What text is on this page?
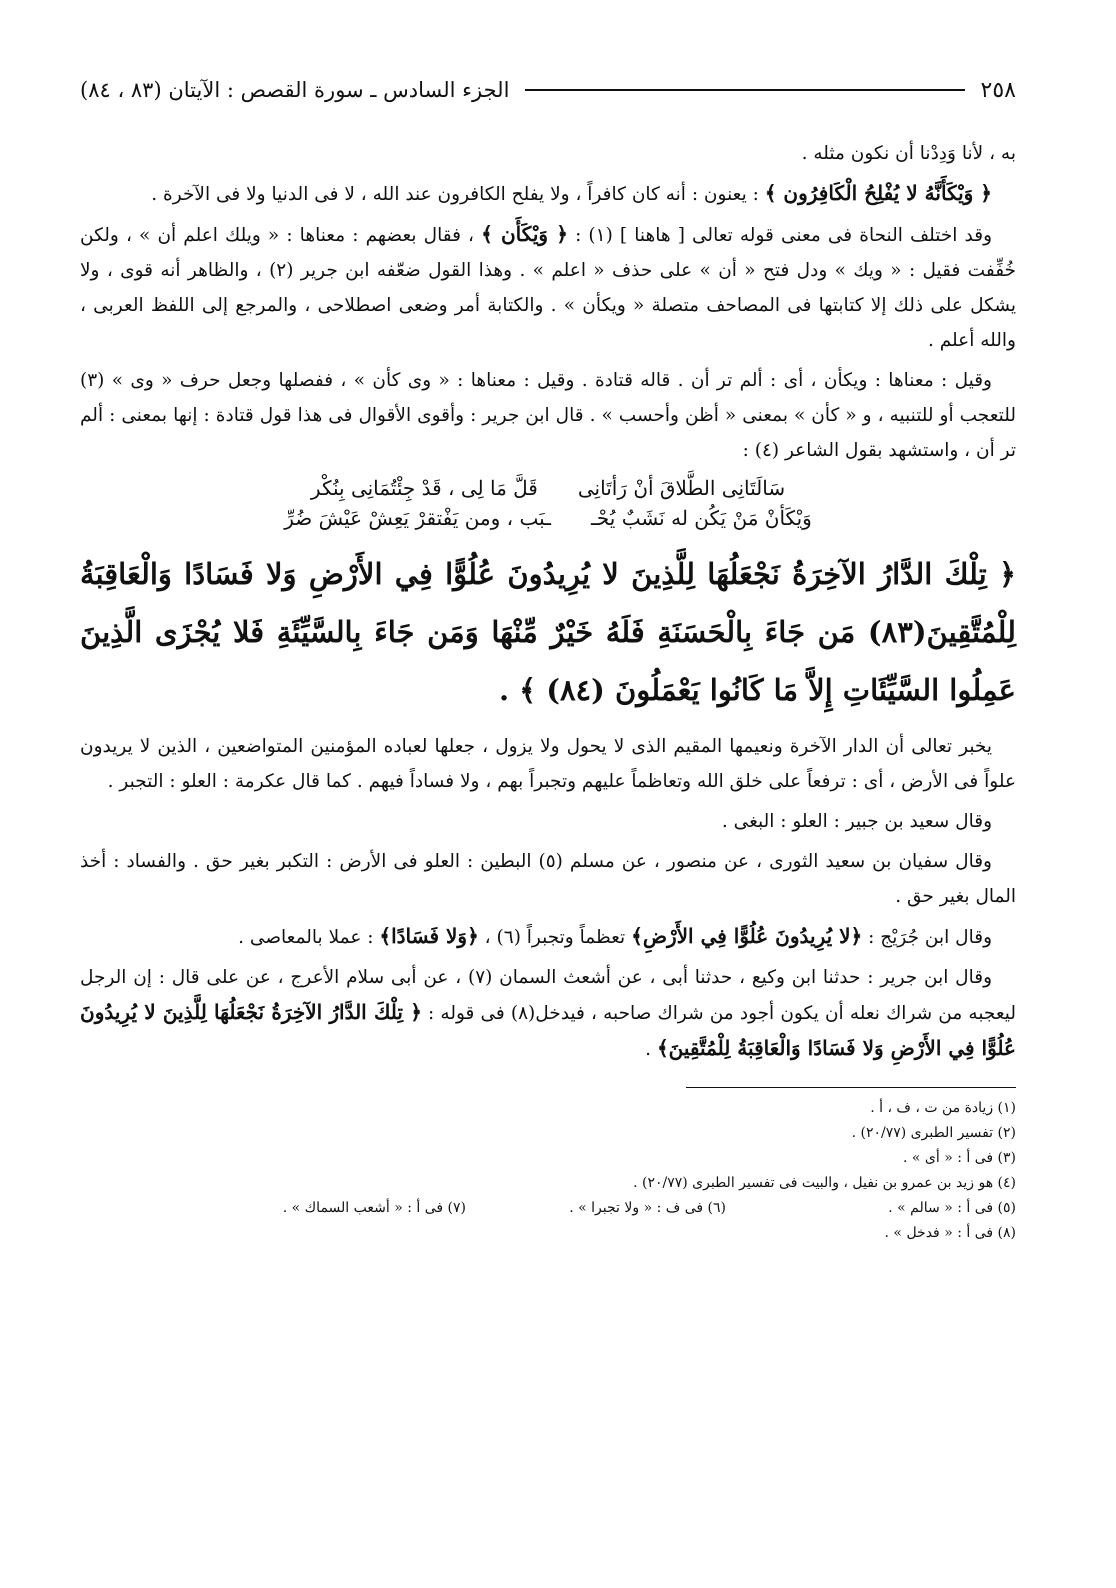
٢٥٨
الجزء السادس ـ سورة القصص : الآيتان (٨٣ ، ٨٤)

به ، لأنا وَدِدْنا أن نكون مثله .

﴿ وَيْكَأَنَّهُ لا يُفْلِحُ الْكَافِرُون ﴾ : يعنون : أنه كان كافراً ، ولا يفلح الكافرون عند الله ، لا فى الدنيا ولا فى الآخرة .

وقد اختلف النحاة فى معنى قوله تعالى [ هاهنا ] (١) : ﴿ وَيْكَأَن ﴾ ، فقال بعضهم : معناها : « ويلك اعلم أن » ، ولكن خُفِّفت فقيل : « ويك » ودل فتح « أن » على حذف « اعلم » . وهذا القول ضعّفه ابن جرير (٢) ، والظاهر أنه قوى ، ولا يشكل على ذلك إلا كتابتها فى المصاحف متصلة « ويكأن » . والكتابة أمر وضعى اصطلاحى ، والمرجع إلى اللفظ العربى ، والله أعلم .

وقيل : معناها : ويكأن ، أى : ألم تر أن . قاله قتادة . وقيل : معناها : « وى كأن » ، ففصلها وجعل حرف « وى » (٣) للتعجب أو للتنبيه ، و « كأن » بمعنى « أظن وأحسب » . قال ابن جرير : وأقوى الأقوال فى هذا قول قتادة : إنها بمعنى : ألم تر أن ، واستشهد بقول الشاعر (٤) :

سَالَتَانِى الطَّلاقَ أنْ رَأتَانِى
قَلَّ مَا لِى ، قَدْ جِئْتُمَانِى بِنُكْر
وَيْكَأنْ مَنْ يَكُن له نَشَبٌ يُحْـ
ـبَب ، ومن يَفْتقرْ يَعِشْ عَيْشَ ضُرِّ
﴿ تِلْكَ الدَّارُ الآخِرَةُ نَجْعَلُهَا لِلَّذِينَ لا يُرِيدُونَ عُلُوًّا فِي الأَرْضِ وَلا فَسَادًا وَالْعَاقِبَةُ لِلْمُتَّقِينَ(٨٣) مَن جَاءَ بِالْحَسَنَةِ فَلَهُ خَيْرٌ مِّنْهَا وَمَن جَاءَ بِالسَّيِّئَةِ فَلا يُجْزَى الَّذِينَ عَمِلُوا السَّيِّئَاتِ إِلاَّ مَا كَانُوا يَعْمَلُونَ (٨٤) ﴾ .

يخبر تعالى أن الدار الآخرة ونعيمها المقيم الذى لا يحول ولا يزول ، جعلها لعباده المؤمنين المتواضعين ، الذين لا يريدون علواً فى الأرض ، أى : ترفعاً على خلق الله وتعاظماً عليهم وتجبراً بهم ، ولا فساداً فيهم . كما قال عكرمة : العلو : التجبر .

وقال سعيد بن جبير : العلو : البغى .

وقال سفيان بن سعيد الثورى ، عن منصور ، عن مسلم (٥) البطين : العلو فى الأرض : التكبر بغير حق . والفساد : أخذ المال بغير حق .

وقال ابن جُرَيْج : ﴿لا يُرِيدُونَ عُلُوًّا فِي الأَرْضِ﴾ تعظماً وتجبراً (٦) ، ﴿وَلا فَسَادًا﴾ : عملا بالمعاصى .

وقال ابن جرير : حدثنا ابن وكيع ، حدثنا أبى ، عن أشعث السمان (٧) ، عن أبى سلام الأعرج ، عن على قال : إن الرجل ليعجبه من شراك نعله أن يكون أجود من شراك صاحبه ، فيدخل(٨) فى قوله : ﴿ تِلْكَ الدَّارُ الآخِرَةُ نَجْعَلُهَا لِلَّذِينَ لا يُرِيدُونَ عُلُوًّا فِي الأَرْضِ وَلا فَسَادًا وَالْعَاقِبَةُ لِلْمُتَّقِينَ﴾ .

(١) زيادة من ت ، ف ، أ .
(٢) تفسير الطبرى (٢٠/٧٧) .
(٣) فى أ : « أى » .
(٤) هو زيد بن عمرو بن نفيل ، والبيت فى تفسير الطبرى (٢٠/٧٧) .
(٥) فى أ : « سالم » .
(٦) فى ف : « ولا تجبرا » .
(٧) فى أ : « أشعب السماك » .
(٨) فى أ : « فدخل » .
